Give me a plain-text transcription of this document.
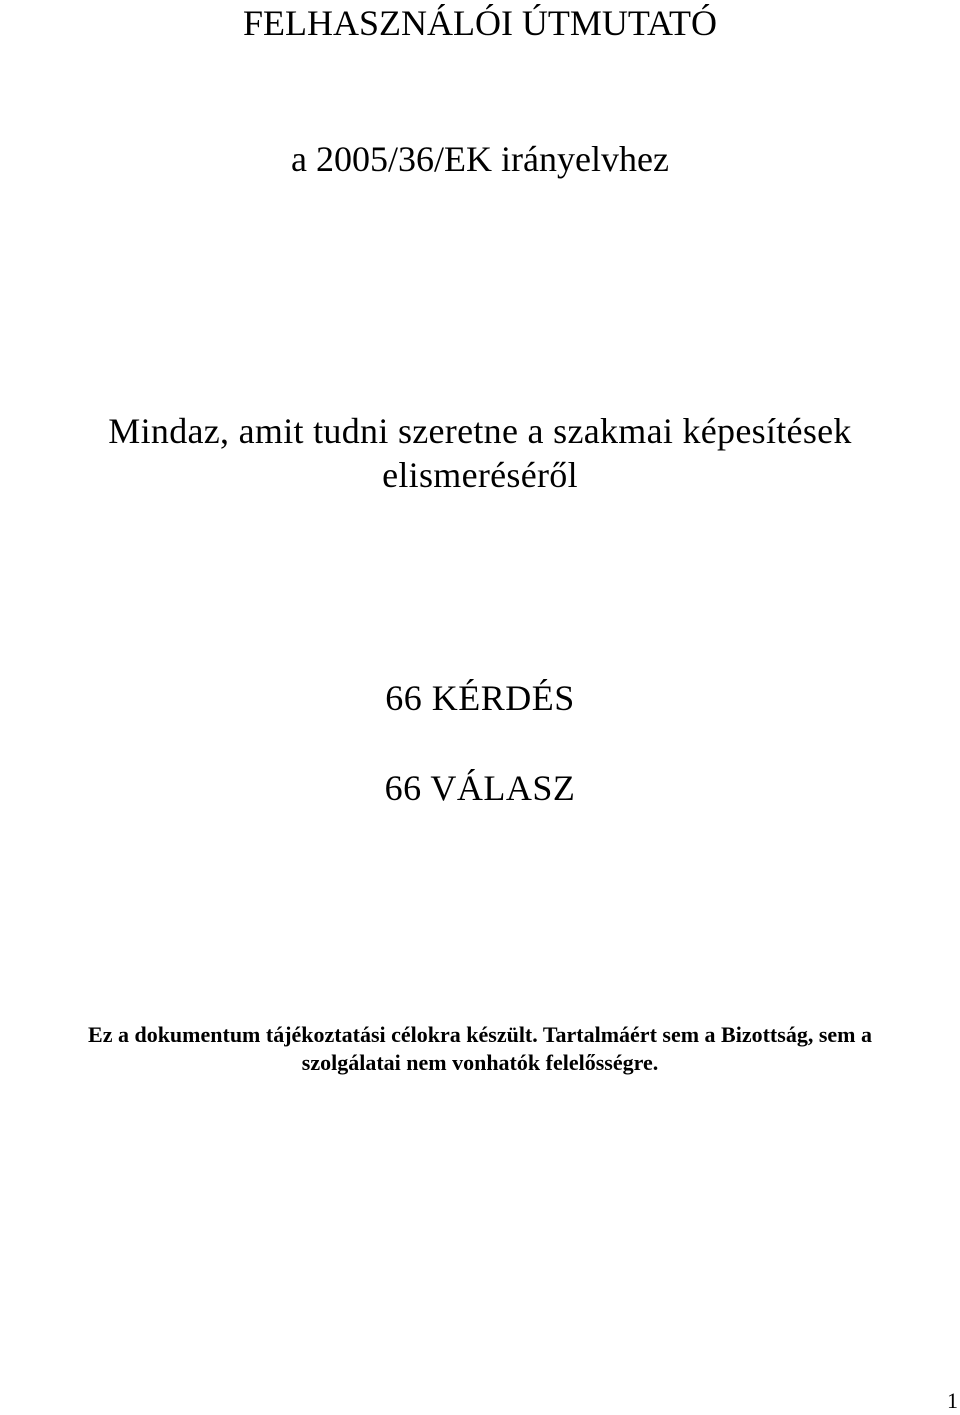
FELHASZNÁLÓI ÚTMUTATÓ
a 2005/36/EK irányelvhez
Mindaz, amit tudni szeretne a szakmai képesítések
elismeréséről
66 KÉRDÉS
66 VÁLASZ
Ez a dokumentum tájékoztatási célokra készült. Tartalmáért sem a Bizottság, sem a
szolgálatai nem vonhatók felelősségre.
1
